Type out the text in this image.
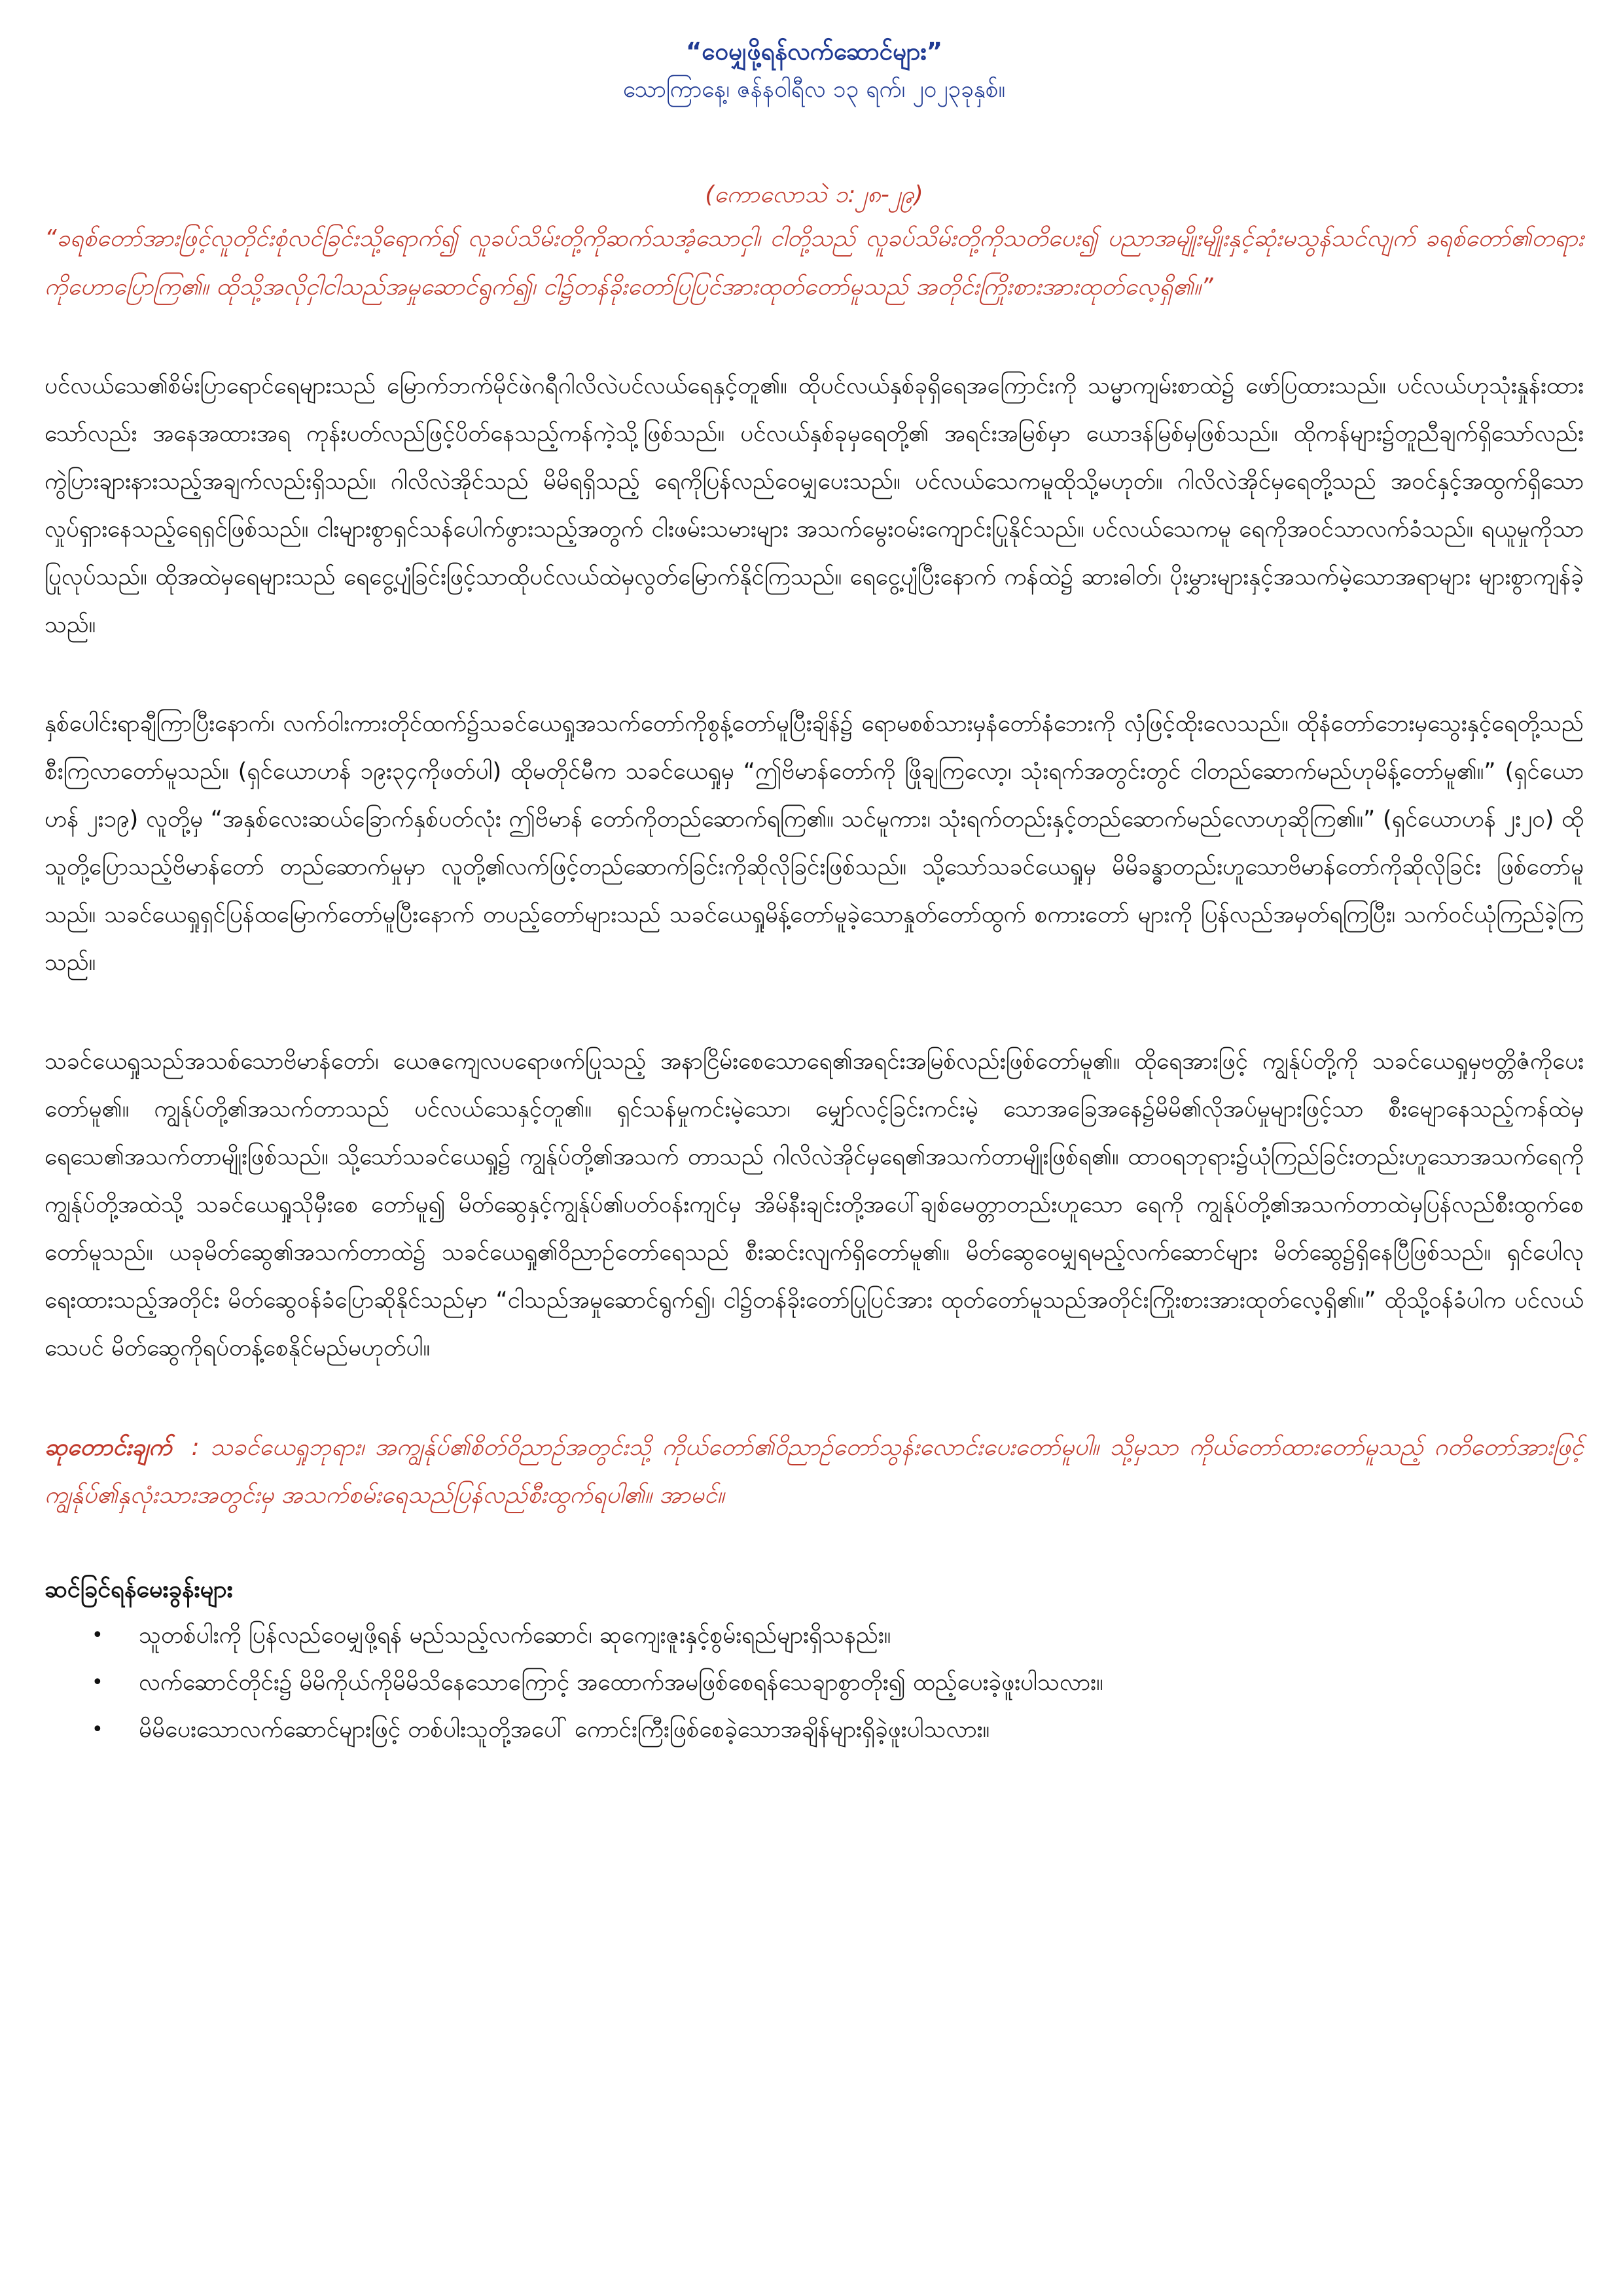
“ဝေမျှဖို့ရန်လက်ဆောင်များ”

သောကြာနေ့၊ ဇန်နဝါရီလ ၁၃ ရက်၊ ၂၀၂၃ခုနှစ်။

(ကောလောသဲ ၁:၂၈-၂၉)

“ခရစ်တော်အားဖြင့်လူတိုင်းစုံလင်ခြင်းသို့ရောက်၍ လူခပ်သိမ်းတို့ကိုဆက်သအံ့သောငှါ၊ ငါတို့သည် လူခပ်သိမ်းတို့ကိုသတိပေး၍ ပညာအမျိုးမျိုးနှင့်ဆုံးမသွန်သင်လျက် ခရစ်တော်၏တရားကိုဟောပြောကြ၏။ ထိုသို့အလိုငှါငါသည်အမှုဆောင်ရွက်၍၊ ငါ၌တန်ခိုးတော်ပြပြင်အားထုတ်တော်မူသည် အတိုင်းကြိုးစားအားထုတ်လေ့ရှိ၏။”

ပင်လယ်သေ၏စိမ်းပြာရောင်ရေများသည် မြောက်ဘက်မိုင်ဖဲဂရီဂါလိလဲပင်လယ်ရေနှင့်တူ၏။ ထိုပင်လယ်နှစ်ခုရှိရေအကြောင်းကို သမ္မာကျမ်းစာထဲ၌ ဖော်ပြထားသည်။ ပင်လယ်ဟုသုံးနှုန်းထားသော်လည်း အနေအထားအရ ကုန်းပတ်လည်ဖြင့်ပိတ်နေသည့်ကန်ကဲ့သို့ဖြစ်သည်။ ပင်လယ်နှစ်ခုမှရေတို့၏ အရင်းအမြစ်မှာ ယောဒန်မြစ်မှဖြစ်သည်။ ထိုကန်များ၌တူညီချက်ရှိသော်လည်း ကွဲပြားချားနားသည့်အချက်လည်းရှိသည်။ ဂါလိလဲအိုင်သည် မိမိရရှိသည့် ရေကိုပြန်လည်ဝေမျှပေးသည်။ ပင်လယ်သေကမူထိုသို့မဟုတ်။ ဂါလိလဲအိုင်မှရေတို့သည် အဝင်နှင့်အထွက်ရှိသောလှုပ်ရှားနေသည့်ရေရှင်ဖြစ်သည်။ ငါးများစွာရှင်သန်ပေါက်ဖွားသည့်အတွက် ငါးဖမ်းသမားများ အသက်မွေးဝမ်းကျောင်းပြုနိုင်သည်။ ပင်လယ်သေကမူ ရေကိုအဝင်သာလက်ခံသည်။ ရယူမှုကိုသာပြုလုပ်သည်။ ထိုအထဲမှရေများသည် ရေငွေ့ပျံခြင်းဖြင့်သာထိုပင်လယ်ထဲမှလွတ်မြောက်နိုင်ကြသည်။ ရေငွေ့ပျံပြီးနောက် ကန်ထဲ၌ ဆားဓါတ်၊ ပိုးမွှားများနှင့်အသက်မဲ့သောအရာများ များစွာကျန်ခဲ့သည်။

နှစ်ပေါင်းရာချီကြာပြီးနောက်၊ လက်ဝါးကားတိုင်ထက်၌သခင်ယေရှုအသက်တော်ကိုစွန့်တော်မူပြီးချိန်၌ ရောမစစ်သားမှနံတော်နံဘေးကို လှံဖြင့်ထိုးလေသည်။ ထိုနံတော်ဘေးမှသွေးနှင့်ရေတို့သည်စီးကြလာတော်မူသည်။ (ရှင်ယောဟန် ၁၉း၃၄ကိုဖတ်ပါ) ထိုမတိုင်မီက သခင်ယေရှုမှ “ဤဗိမာန်တော်ကို ဖြိုချကြလော့၊ သုံးရက်အတွင်းတွင် ငါတည်ဆောက်မည်ဟုမိန့်တော်မူ၏။” (ရှင်ယောဟန် ၂း၁၉) လူတို့မှ “အနှစ်လေးဆယ်ခြောက်နှစ်ပတ်လုံး ဤဗိမာန် တော်ကိုတည်ဆောက်ရကြ၏။ သင်မူကား၊ သုံးရက်တည်းနှင့်တည်ဆောက်မည်လောဟုဆိုကြ၏။” (ရှင်ယောဟန် ၂း၂၀) ထိုသူတို့ပြောသည့်ဗိမာန်တော် တည်ဆောက်မှုမှာ လူတို့၏လက်ဖြင့်တည်ဆောက်ခြင်းကိုဆိုလိုခြင်းဖြစ်သည်။ သို့သော်သခင်ယေရှုမှ မိမိခန္ဓာတည်းဟူသောဗိမာန်တော်ကိုဆိုလိုခြင်း ဖြစ်တော်မူသည်။ သခင်ယေရှုရှင်ပြန်ထမြောက်တော်မူပြီးနောက် တပည့်တော်များသည် သခင်ယေရှုမိန့်တော်မူခဲ့သောနှုတ်တော်ထွက် စကားတော် များကို ပြန်လည်အမှတ်ရကြပြီး၊ သက်ဝင်ယုံကြည်ခဲ့ကြသည်။

သခင်ယေရှုသည်အသစ်သောဗိမာန်တော်၊ ယေဇကျေလပရောဖက်ပြုသည့် အနာငြိမ်းစေသောရေ၏အရင်းအမြစ်လည်းဖြစ်တော်မူ၏။ ထိုရေအားဖြင့် ကျွန်ုပ်တို့ကို သခင်ယေရှုမှဗတ္တိဇံကိုပေးတော်မူ၏။ ကျွန်ုပ်တို့၏အသက်တာသည် ပင်လယ်သေနှင့်တူ၏။ ရှင်သန်မှုကင်းမဲ့သော၊ မျှော်လင့်ခြင်းကင်းမဲ့ သောအခြေအနေ၌မိမိ၏လိုအပ်မှုများဖြင့်သာ စီးမျောနေသည့်ကန်ထဲမှရေသေ၏အသက်တာမျိုးဖြစ်သည်။ သို့သော်သခင်ယေရှု၌ ကျွန်ုပ်တို့၏အသက် တာသည် ဂါလိလဲအိုင်မှရေ၏အသက်တာမျိုးဖြစ်ရ၏။ ထာဝရဘုရား၌ယုံကြည်ခြင်းတည်းဟူသောအသက်ရေကို ကျွန်ုပ်တို့အထဲသို့ သခင်ယေရှုသိုမှီးစေ တော်မူ၍ မိတ်ဆွေနှင့်ကျွန်ုပ်၏ပတ်ဝန်းကျင်မှ အိမ်နီးချင်းတို့အပေါ်ချစ်မေတ္တာတည်းဟူသော ရေကို ကျွန်ုပ်တို့၏အသက်တာထဲမှပြန်လည်စီးထွက်စေ တော်မူသည်။ ယခုမိတ်ဆွေ၏အသက်တာထဲ၌ သခင်ယေရှု၏ဝိညာဉ်တော်ရေသည် စီးဆင်းလျက်ရှိတော်မူ၏။ မိတ်ဆွေဝေမျှရမည့်လက်ဆောင်များ မိတ်ဆွေ၌ရှိနေပြီဖြစ်သည်။ ရှင်ပေါလုရေးထားသည့်အတိုင်း မိတ်ဆွေဝန်ခံပြောဆိုနိုင်သည်မှာ “ငါသည်အမှုဆောင်ရွက်၍၊ ငါ၌တန်ခိုးတော်ပြုပြင်အား ထုတ်တော်မူသည်အတိုင်းကြိုးစားအားထုတ်လေ့ရှိ၏။” ထိုသို့ဝန်ခံပါက ပင်လယ်သေပင် မိတ်ဆွေကိုရပ်တန့်စေနိုင်မည်မဟုတ်ပါ။

ဆုတောင်းချက် : သခင်ယေရှုဘုရား၊ အကျွန်ုပ်၏စိတ်ဝိညာဉ်အတွင်းသို့ ကိုယ်တော်၏ဝိညာဉ်တော်သွန်းလောင်းပေးတော်မူပါ။ သို့မှသာ ကိုယ်တော်ထားတော်မူသည့် ဂတိတော်အားဖြင့် ကျွန်ုပ်၏နှလုံးသားအတွင်းမှ အသက်စမ်းရေသည်ပြန်လည်စီးထွက်ရပါ၏။ အာမင်။

ဆင်ခြင်ရန်မေးခွန်းများ

• သူတစ်ပါးကို ပြန်လည်ဝေမျှဖို့ရန် မည်သည့်လက်ဆောင်၊ ဆုကျေးဇူးနှင့်စွမ်းရည်များရှိသနည်း။
• လက်ဆောင်တိုင်း၌ မိမိကိုယ်ကိုမိမိသိနေသောကြောင့် အထောက်အမဖြစ်စေရန်သေချာစွာတိုး၍ ထည့်ပေးခဲ့ဖူးပါသလား။
• မိမိပေးသောလက်ဆောင်များဖြင့် တစ်ပါးသူတို့အပေါ် ကောင်းကြီးဖြစ်စေခဲ့သောအချိန်များရှိခဲ့ဖူးပါသလား။
